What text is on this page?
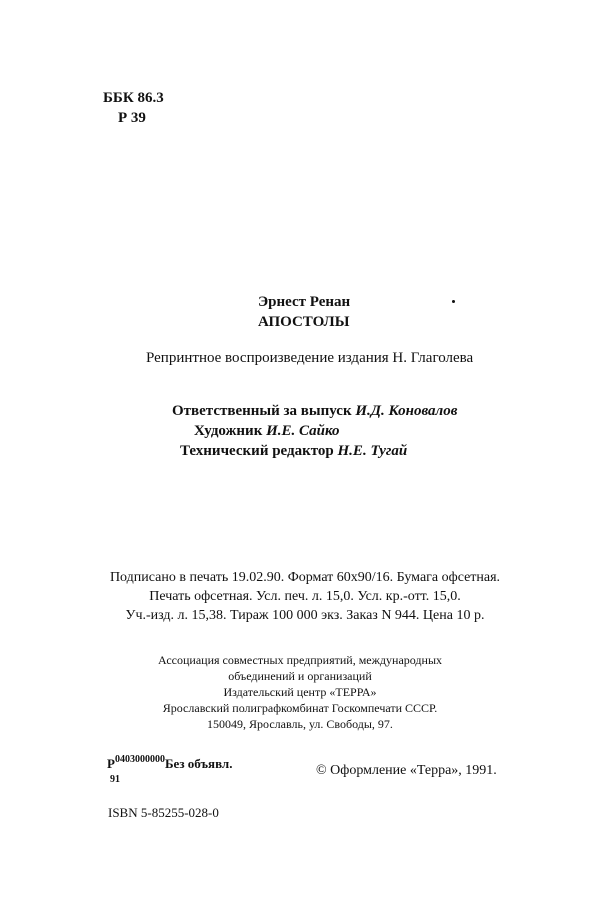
ББК 86.3
Р 39
Эрнест Ренан
АПОСТОЛЫ
Репринтное воспроизведение издания Н. Глаголева
Ответственный за выпуск И.Д. Коновалов
Художник И.Е. Сайко
Технический редактор Н.Е. Тугай
Подписано в печать 19.02.90. Формат 60х90/16. Бумага офсетная.
Печать офсетная. Усл. печ. л. 15,0. Усл. кр.-отт. 15,0.
Уч.-изд. л. 15,38. Тираж 100 000 экз. Заказ N 944. Цена 10 р.
Ассоциация совместных предприятий, международных
объединений и организаций
Издательский центр «ТЕРРА»
Ярославский полиграфкомбинат Госкомпечати СССР.
150049, Ярославль, ул. Свободы, 97.
$Р^{0403000000}Без$ объявл.
91
© Оформление «Терра», 1991.
ISBN 5-85255-028-0
